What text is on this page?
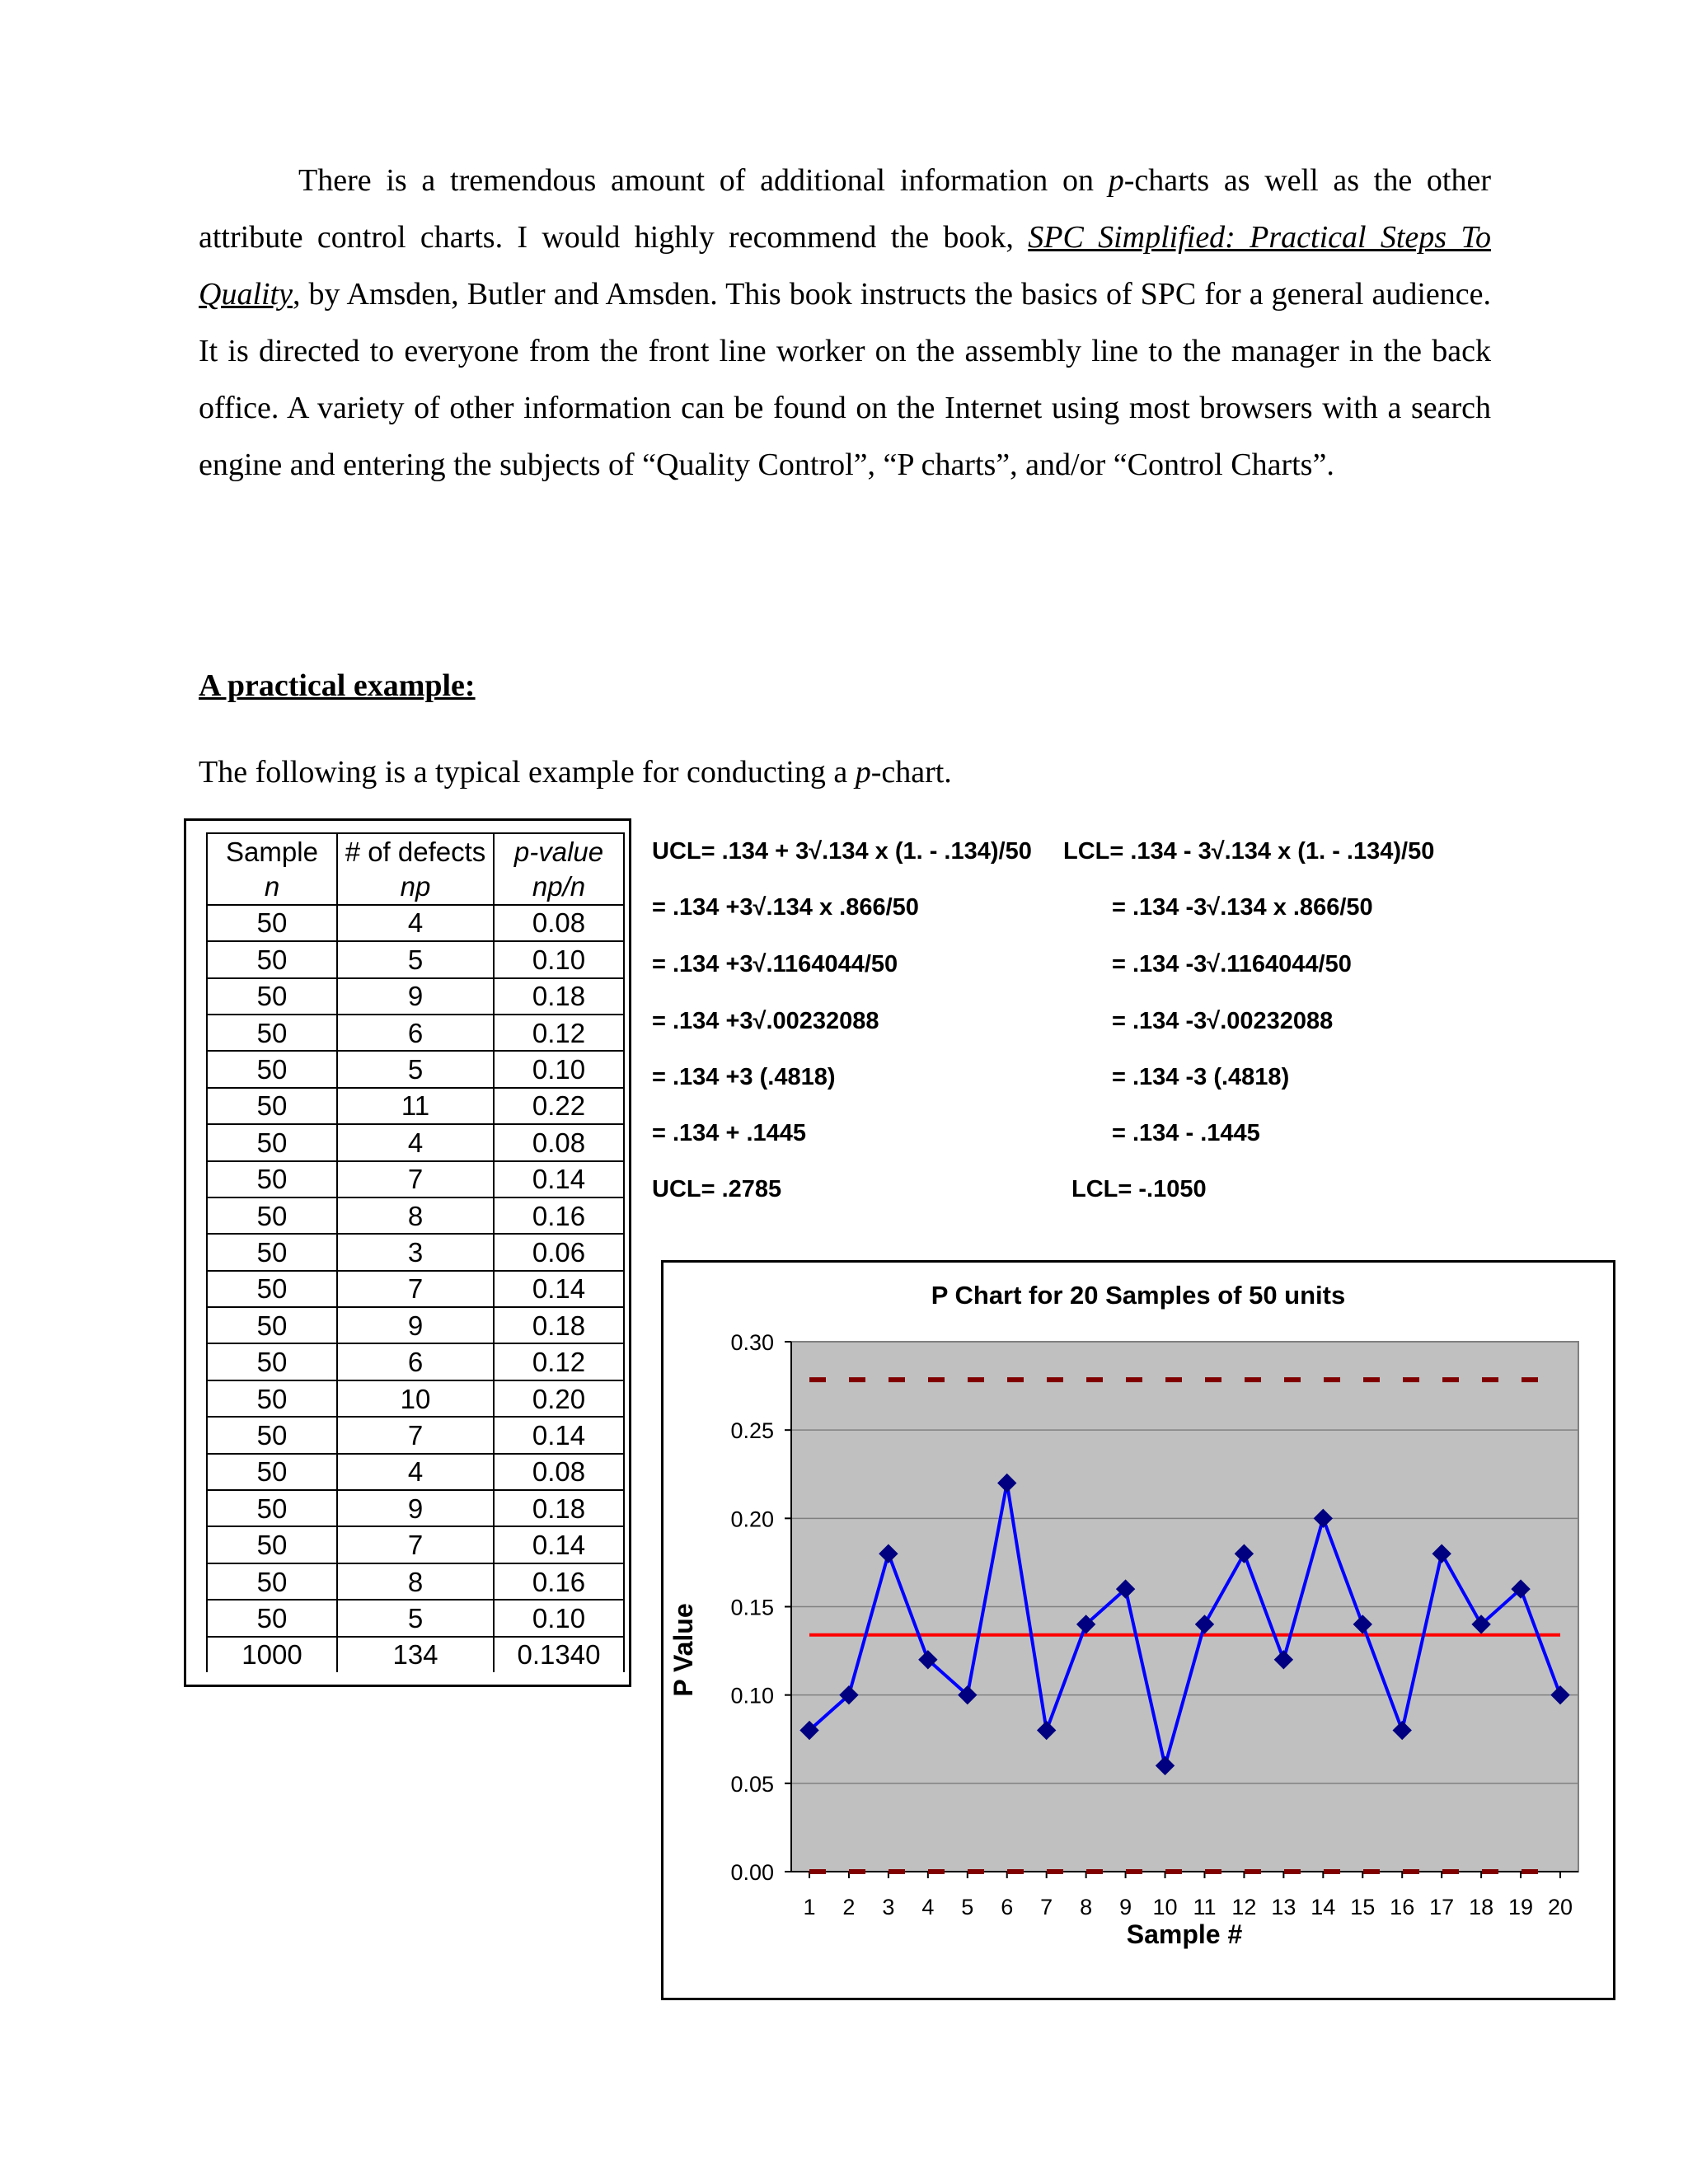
There is a tremendous amount of additional information on p-charts as well as the other attribute control charts. I would highly recommend the book, SPC Simplified: Practical Steps To Quality, by Amsden, Butler and Amsden. This book instructs the basics of SPC for a general audience. It is directed to everyone from the front line worker on the assembly line to the manager in the back office. A variety of other information can be found on the Internet using most browsers with a search engine and entering the subjects of “Quality Control”, “P charts”, and/or “Control Charts”.

A practical example:
The following is a typical example for conducting a p-chart.
Sample	# of defects	p-value
n	np	np/n
50	4	0.08
50	5	0.10
50	9	0.18
50	6	0.12
50	5	0.10
50	11	0.22
50	4	0.08
50	7	0.14
50	8	0.16
50	3	0.06
50	7	0.14
50	9	0.18
50	6	0.12
50	10	0.20
50	7	0.14
50	4	0.08
50	9	0.18
50	7	0.14
50	8	0.16
50	5	0.10
1000	134	0.1340
UCL= .134 + 3√.134 x (1. - .134)/50
= .134 +3√.134 x .866/50
= .134 +3√.1164044/50
= .134 +3√.00232088
= .134 +3 (.4818)
= .134 + .1445
UCL= .2785
LCL= .134 - 3√.134 x (1. - .134)/50
= .134 -3√.134 x .866/50
= .134 -3√.1164044/50
= .134 -3√.00232088
= .134 -3 (.4818)
= .134 - .1445
LCL= -.1050
0.00
0.05
0.10
0.15
0.20
0.25
0.30
1 2 3 4 5 6 7 8 9 10 11 12 13 14 15 16 17 18 19 20
P Chart for 20 Samples of 50 units
Sample #
P Value
